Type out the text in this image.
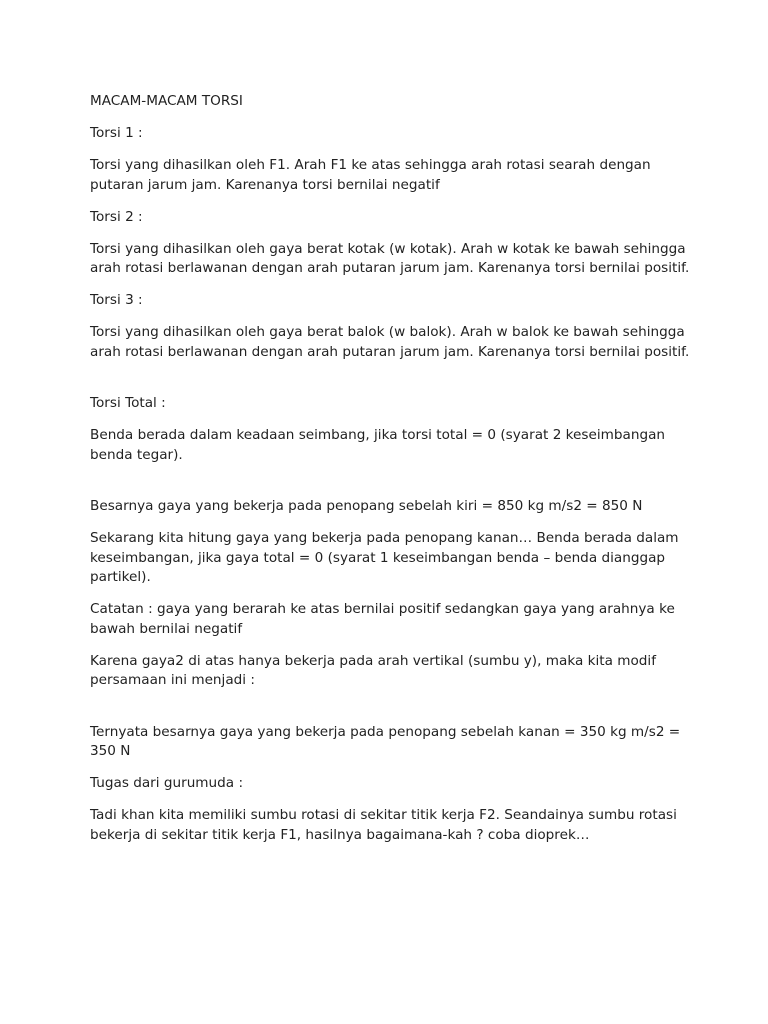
MACAM-MACAM TORSI

Torsi 1 :

Torsi yang dihasilkan oleh F1. Arah F1 ke atas sehingga arah rotasi searah dengan putaran jarum jam. Karenanya torsi bernilai negatif

Torsi 2 :

Torsi yang dihasilkan oleh gaya berat kotak (w kotak). Arah w kotak ke bawah sehingga arah rotasi berlawanan dengan arah putaran jarum jam. Karenanya torsi bernilai positif.

Torsi 3 :

Torsi yang dihasilkan oleh gaya berat balok (w balok). Arah w balok ke bawah sehingga arah rotasi berlawanan dengan arah putaran jarum jam. Karenanya torsi bernilai positif.

Torsi Total :

Benda berada dalam keadaan seimbang, jika torsi total = 0 (syarat 2 keseimbangan benda tegar).

Besarnya gaya yang bekerja pada penopang sebelah kiri = 850 kg m/s2 = 850 N

Sekarang kita hitung gaya yang bekerja pada penopang kanan… Benda berada dalam keseimbangan, jika gaya total = 0 (syarat 1 keseimbangan benda – benda dianggap partikel).

Catatan : gaya yang berarah ke atas bernilai positif sedangkan gaya yang arahnya ke bawah bernilai negatif

Karena gaya2 di atas hanya bekerja pada arah vertikal (sumbu y), maka kita modif persamaan ini menjadi :

Ternyata besarnya gaya yang bekerja pada penopang sebelah kanan = 350 kg m/s2 = 350 N

Tugas dari gurumuda :

Tadi khan kita memiliki sumbu rotasi di sekitar titik kerja F2. Seandainya sumbu rotasi bekerja di sekitar titik kerja F1, hasilnya bagaimana-kah ? coba dioprek…
